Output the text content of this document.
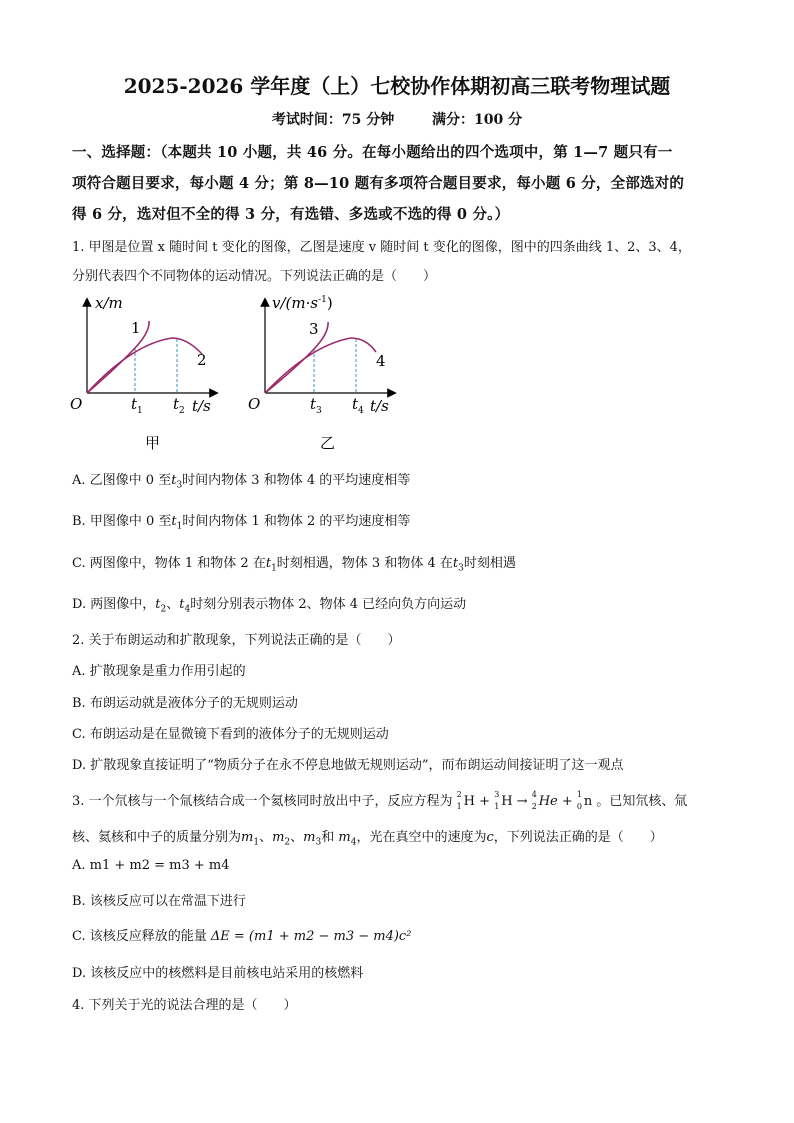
2025-2026 学年度（上）七校协作体期初高三联考物理试题
考试时间：75 分钟	满分：100 分
一、选择题：（本题共 10 小题，共 46 分。在每小题给出的四个选项中，第 1—7 题只有一
项符合题目要求，每小题 4 分；第 8—10 题有多项符合题目要求，每小题 6 分，全部选对的
得 6 分，选对但不全的得 3 分，有选错、多选或不选的得 0 分。）
1. 甲图是位置 x 随时间 t 变化的图像，乙图是速度 v 随时间 t 变化的图像，图中的四条曲线 1、2、3、4，
分别代表四个不同物体的运动情况。下列说法正确的是（　　）
x/m
O
1
2
t 1 t 2 t/s
甲
$v/(m\cdot s^{-1})$
O
3
4
t 3 t 4 t/s
乙
A. 乙图像中 0 至$t_3$时间内物体 3 和物体 4 的平均速度相等
B. 甲图像中 0 至$t_1$时间内物体 1 和物体 2 的平均速度相等
C. 两图像中，物体 1 和物体 2 在$t_1$时刻相遇，物体 3 和物体 4 在$t_3$时刻相遇
D. 两图像中，$t_2$、$t_4$时刻分别表示物体 2、物体 4 已经向负方向运动
2. 关于布朗运动和扩散现象，下列说法正确的是（　　）
A. 扩散现象是重力作用引起的
B. 布朗运动就是液体分子的无规则运动
C. 布朗运动是在显微镜下看到的液体分子的无规则运动
D. 扩散现象直接证明了“物质分子在永不停息地做无规则运动”，而布朗运动间接证明了这一观点
3. 一个氘核与一个氚核结合成一个氦核同时放出中子，反应方程为 2
1 H + 3
1 H → 4
2 He + 1
0 n 。已知氘核、氚
核、氦核和中子的质量分别为$m_1$、$m_2$、$m_3$和 $m_4$，光在真空中的速度为c，下列说法正确的是（　　）
A. m1 + m2 = m3 + m4
B. 该核反应可以在常温下进行
C. 该核反应释放的能量 ΔE = (m1 + m2 − m3 − m4)c²
D. 该核反应中的核燃料是目前核电站采用的核燃料
4. 下列关于光的说法合理的是（　　）
